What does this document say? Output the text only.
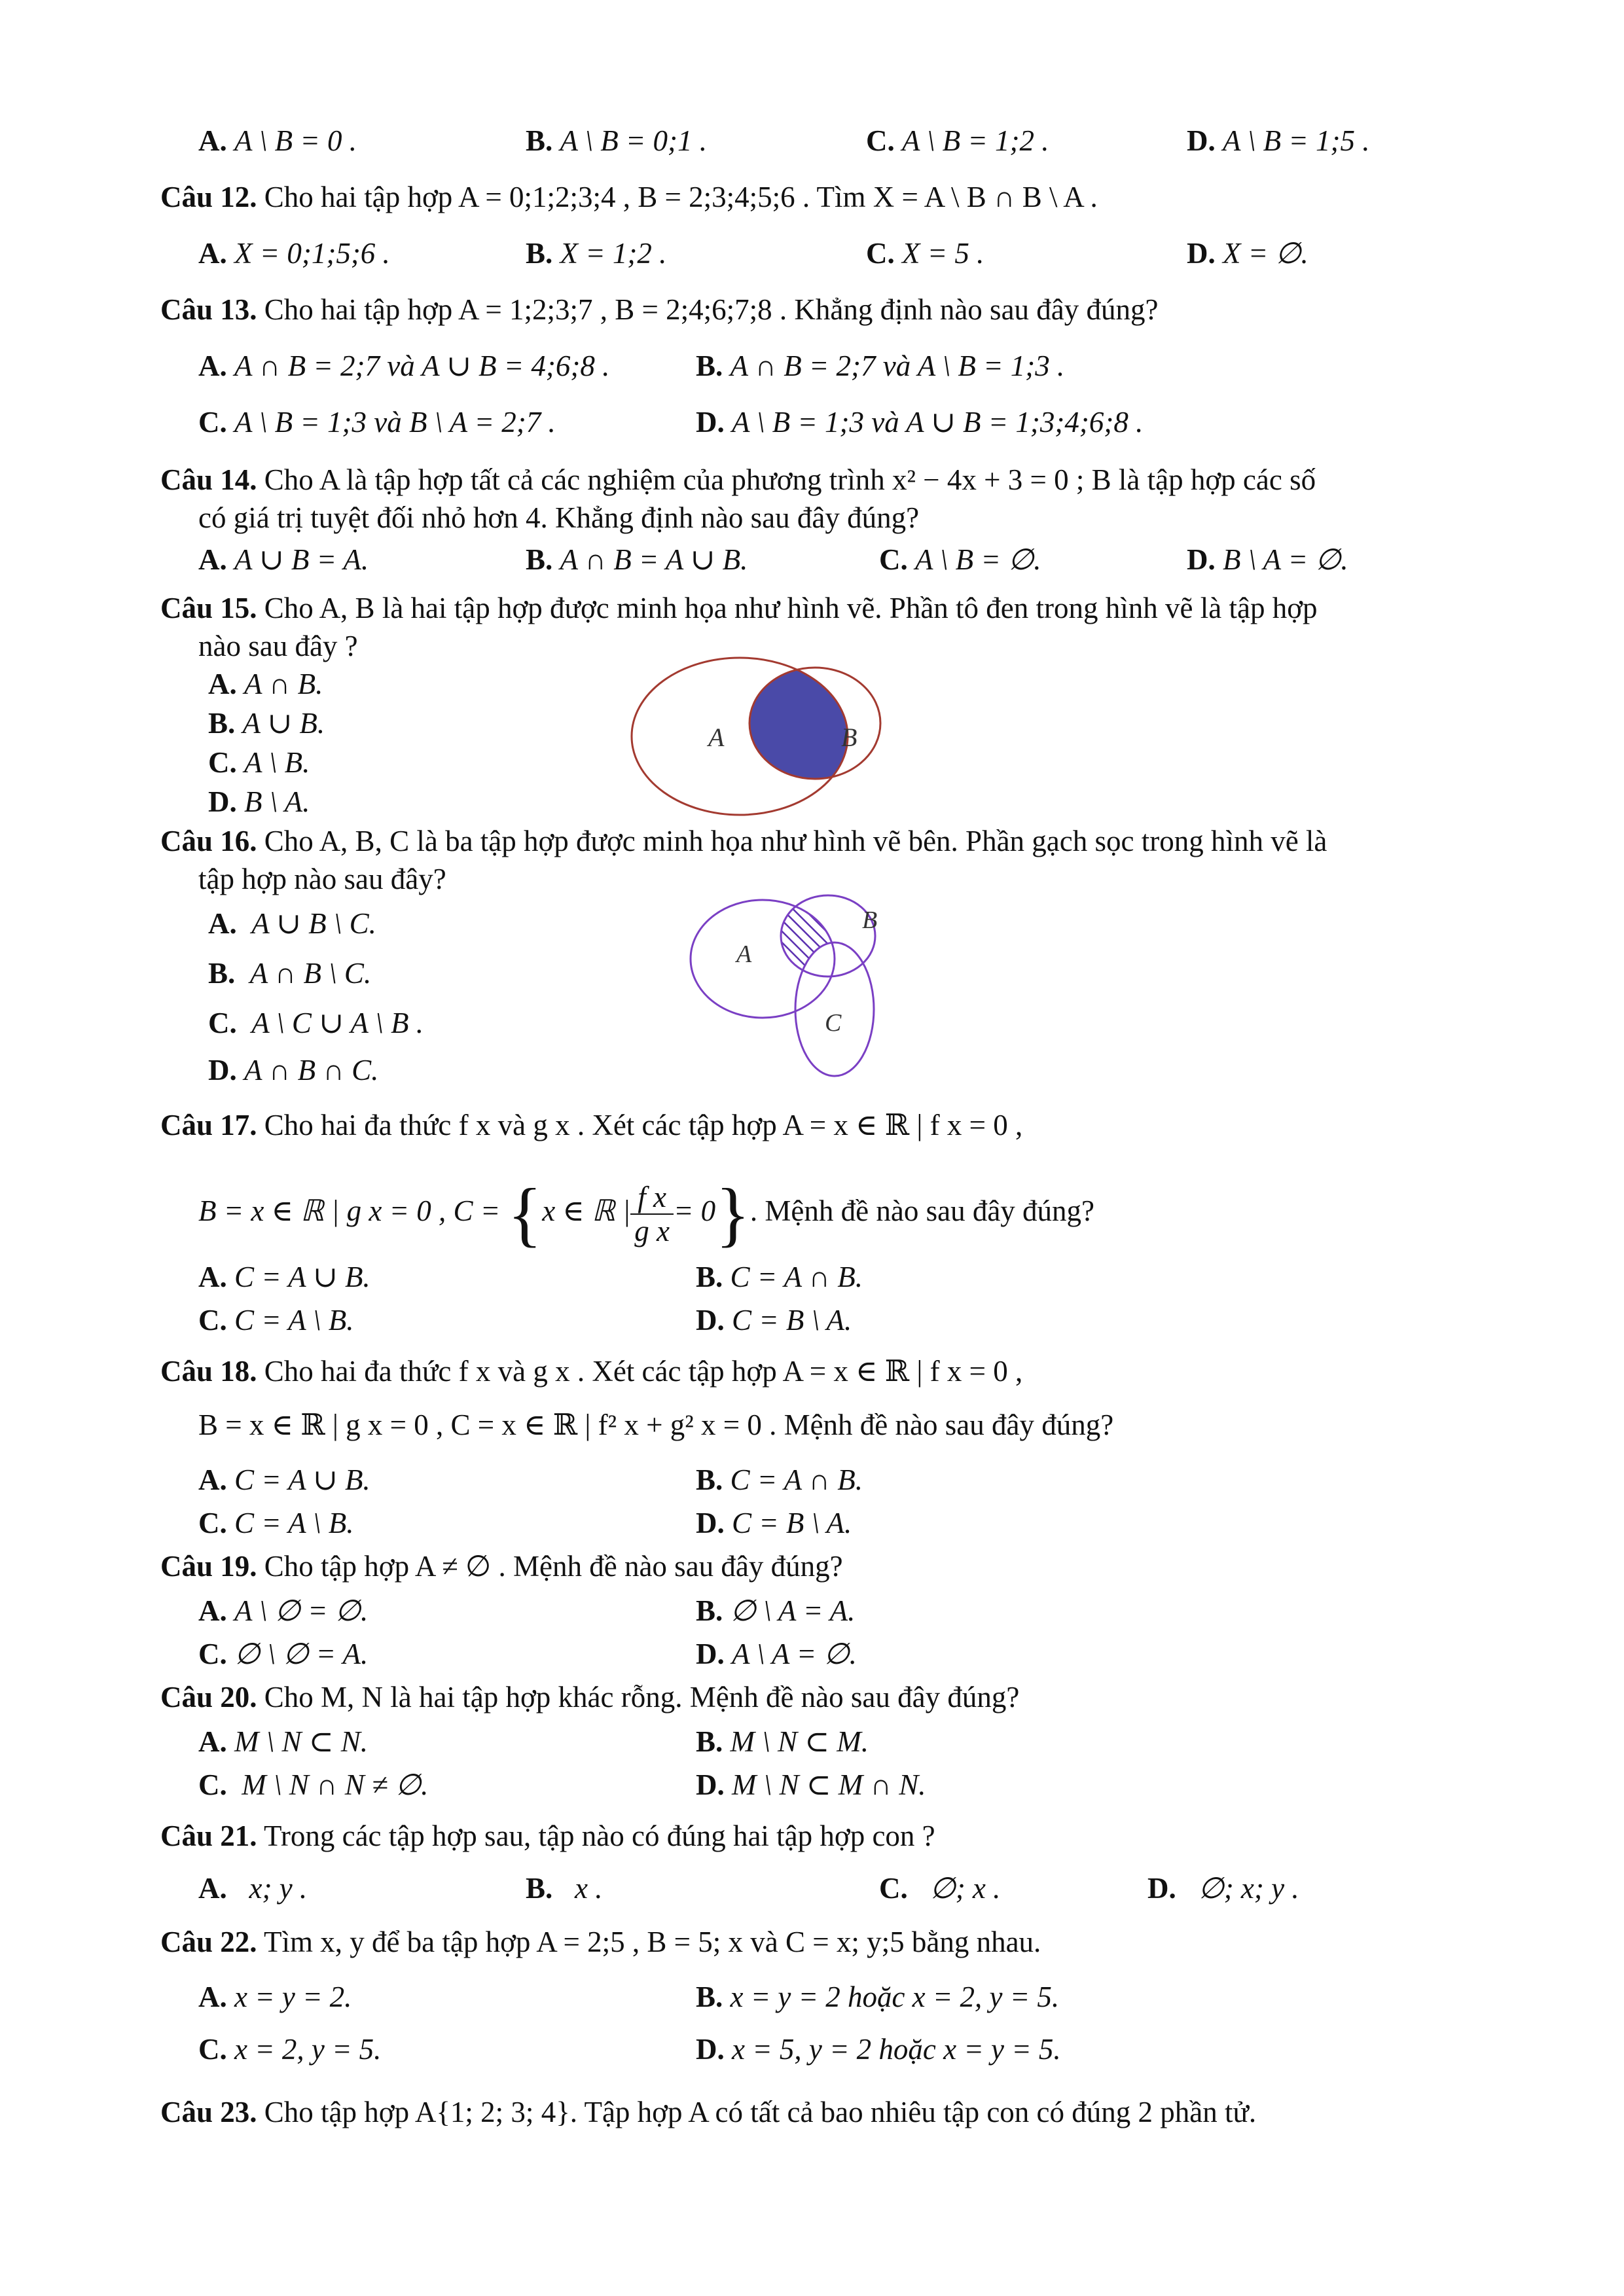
A. A \ B = 0 .	B. A \ B = 0;1 .	C. A \ B = 1;2 .	D. A \ B = 1;5 .
Câu 12. Cho hai tập hợp A = 0;1;2;3;4 , B = 2;3;4;5;6 . Tìm X = A \ B ∩ B \ A .
A. X = 0;1;5;6 .	B. X = 1;2 .	C. X = 5 .	D. X = ∅.
Câu 13. Cho hai tập hợp A = 1;2;3;7 , B = 2;4;6;7;8 . Khẳng định nào sau đây đúng?
A. A ∩ B = 2;7 và A ∪ B = 4;6;8 .	B. A ∩ B = 2;7 và A \ B = 1;3 .
C. A \ B = 1;3 và B \ A = 2;7 .	D. A \ B = 1;3 và A ∪ B = 1;3;4;6;8 .
Câu 14. Cho A là tập hợp tất cả các nghiệm của phương trình x² − 4x + 3 = 0 ; B là tập hợp các số
có giá trị tuyệt đối nhỏ hơn 4. Khẳng định nào sau đây đúng?
A. A ∪ B = A.	B. A ∩ B = A ∪ B.	C. A \ B = ∅.	D. B \ A = ∅.
Câu 15. Cho A, B là hai tập hợp được minh họa như hình vẽ. Phần tô đen trong hình vẽ là tập hợp
nào sau đây ?
A. A ∩ B.
B. A ∪ B.
C. A \ B.
D. B \ A.
A	B
Câu 16. Cho A, B, C là ba tập hợp được minh họa như hình vẽ bên. Phần gạch sọc trong hình vẽ là
tập hợp nào sau đây?
A. A ∪ B \ C.
B. A ∩ B \ C.
C. A \ C ∪ A \ B .
D. A ∩ B ∩ C.
A
B
C
Câu 17. Cho hai đa thức f x và g x . Xét các tập hợp A = x ∈ ℝ | f x = 0 ,
B = x ∈ ℝ | g x = 0 , C = {x ∈ ℝ | $\frac{\text{f x}}{\text{g x}} = 0$}. Mệnh đề nào sau đây đúng?
A. C = A ∪ B.	B. C = A ∩ B.
C. C = A \ B.	D. C = B \ A.
Câu 18. Cho hai đa thức f x và g x . Xét các tập hợp A = x ∈ ℝ | f x = 0 ,
B = x ∈ ℝ | g x = 0 , C = x ∈ ℝ | f² x + g² x = 0 . Mệnh đề nào sau đây đúng?
A. C = A ∪ B.	B. C = A ∩ B.
C. C = A \ B.	D. C = B \ A.
Câu 19. Cho tập hợp A ≠ ∅ . Mệnh đề nào sau đây đúng?
A. A \ ∅ = ∅.	B. ∅ \ A = A.
C. ∅ \ ∅ = A.	D. A \ A = ∅.
Câu 20. Cho M, N là hai tập hợp khác rỗng. Mệnh đề nào sau đây đúng?
A. M \ N ⊂ N.	B. M \ N ⊂ M.
C. M \ N ∩ N ≠ ∅.	D. M \ N ⊂ M ∩ N.
Câu 21. Trong các tập hợp sau, tập nào có đúng hai tập hợp con ?
A. x; y .	B. x .	C. ∅; x .	D. ∅; x; y .
Câu 22. Tìm x, y để ba tập hợp A = 2;5 , B = 5; x và C = x; y;5 bằng nhau.
A. x = y = 2.	B. x = y = 2 hoặc x = 2, y = 5.
C. x = 2, y = 5.	D. x = 5, y = 2 hoặc x = y = 5.
Câu 23. Cho tập hợp A{1; 2; 3; 4}. Tập hợp A có tất cả bao nhiêu tập con có đúng 2 phần tử.
